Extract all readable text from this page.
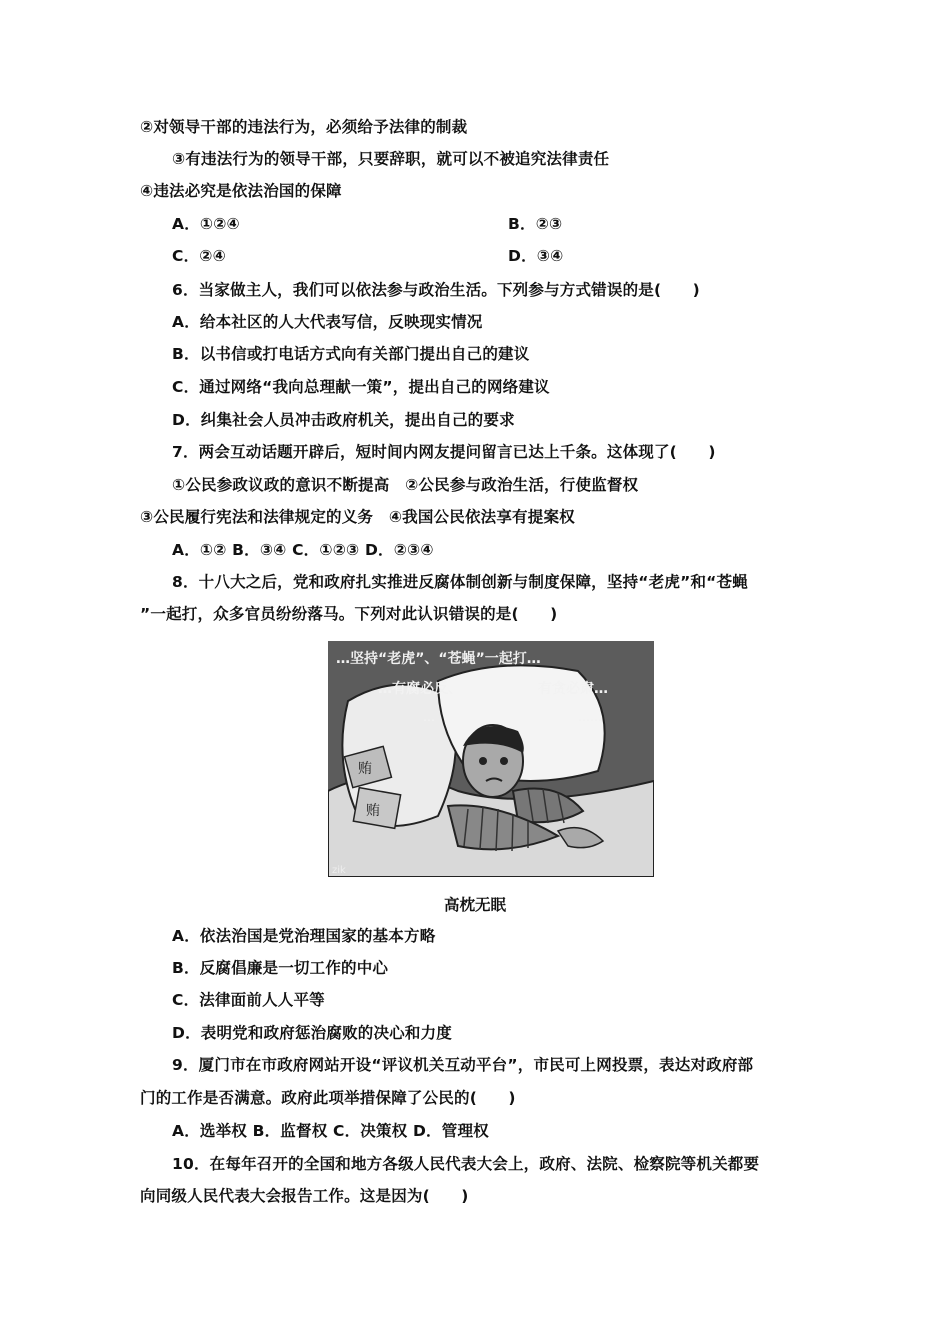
②对领导干部的违法行为，必须给予法律的制裁
③有违法行为的领导干部，只要辞职，就可以不被追究法律责任
④违法必究是依法治国的保障
A．①②④	B．②③
C．②④	D．③④
6．当家做主人，我们可以依法参与政治生活。下列参与方式错误的是(　　)
A．给本社区的人大代表写信，反映现实情况
B．以书信或打电话方式向有关部门提出自己的建议
C．通过网络“我向总理献一策”，提出自己的网络建议
D．纠集社会人员冲击政府机关，提出自己的要求
7．两会互动话题开辟后，短时间内网友提问留言已达上千条。这体现了(　　)
①公民参政议政的意识不断提高　②公民参与政治生活，行使监督权
③公民履行宪法和法律规定的义务　④我国公民依法享有提案权
A．①② B．③④ C．①②③ D．②③④
8．十八大之后，党和政府扎实推进反腐体制创新与制度保障，坚持“老虎”和“苍蝇
”一起打，众多官员纷纷落马。下列对此认识错误的是(　　)
贿
贿
…坚持“老虎”、“苍蝇”一起打…
…有腐必反、	有贪必肃…
…	……
zik
高枕无眠
A．依法治国是党治理国家的基本方略
B．反腐倡廉是一切工作的中心
C．法律面前人人平等
D．表明党和政府惩治腐败的决心和力度
9．厦门市在市政府网站开设“评议机关互动平台”，市民可上网投票，表达对政府部
门的工作是否满意。政府此项举措保障了公民的(　　)
A．选举权 B．监督权 C．决策权 D．管理权
10．在每年召开的全国和地方各级人民代表大会上，政府、法院、检察院等机关都要
向同级人民代表大会报告工作。这是因为(　　)
